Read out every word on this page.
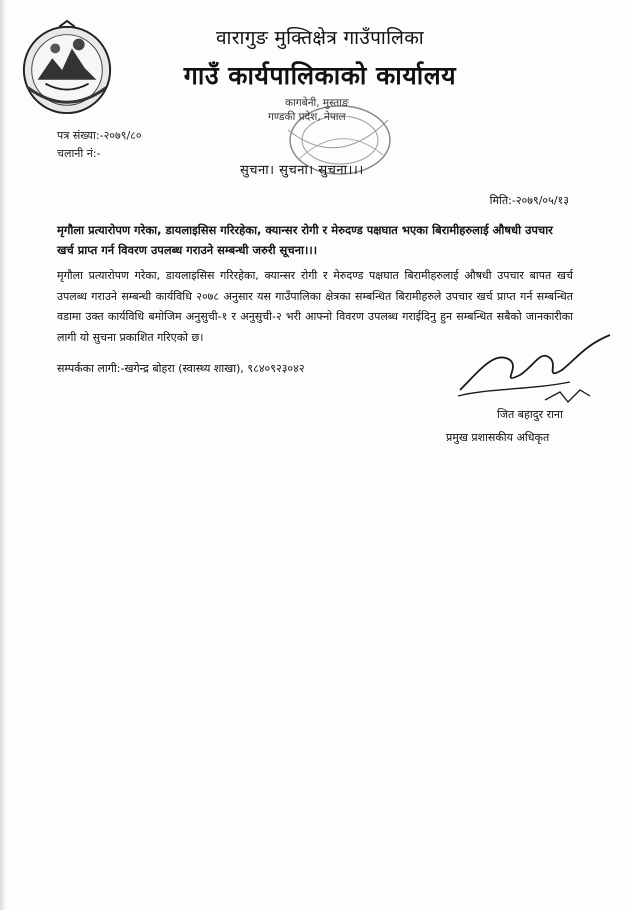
वारागुङ मुक्तिक्षेत्र गाउँपालिका
गाउँ कार्यपालिकाको कार्यालय
कागबेनी, मुस्ताङ
गण्डकी प्रदेश, नेपाल
पत्र संख्या:-२०७९/८०
चलानी नं:-
सुचना। सुचना। सुचना।।।
मिति:-२०७९/०५/१३
मृगौला प्रत्यारोपण गरेका, डायलाइसिस गरिरहेका, क्यान्सर रोगी र मेरुदण्ड पक्षघात भएका बिरामीहरुलाई औषधी उपचार खर्च प्राप्त गर्न विवरण उपलब्ध गराउने सम्बन्धी जरुरी सूचना।।।
मृगौला प्रत्यारोपण गरेका, डायलाइसिस गरिरहेका, क्यान्सर रोगी र मेरुदण्ड पक्षघात बिरामीहरुलाई औषधी उपचार बापत खर्च उपलब्ध गराउने सम्बन्धी कार्यविधि २०७८ अनुसार यस गाउँपालिका क्षेत्रका सम्बन्धित बिरामीहरुले उपचार खर्च प्राप्त गर्न सम्बन्धित वडामा उक्त कार्यविधि बमोजिम अनुसुची-१ र अनुसुची-२ भरी आफ्नो विवरण उपलब्ध गराईदिनु हुन सम्बन्धित सबैको जानकारीका लागी यो सुचना प्रकाशित गरिएको छ।
सम्पर्कका लागी:-खगेन्द्र बोहरा (स्वास्थ्य शाखा), ९८४०९२३०४२
जित बहादुर राना
प्रमुख प्रशासकीय अधिकृत
